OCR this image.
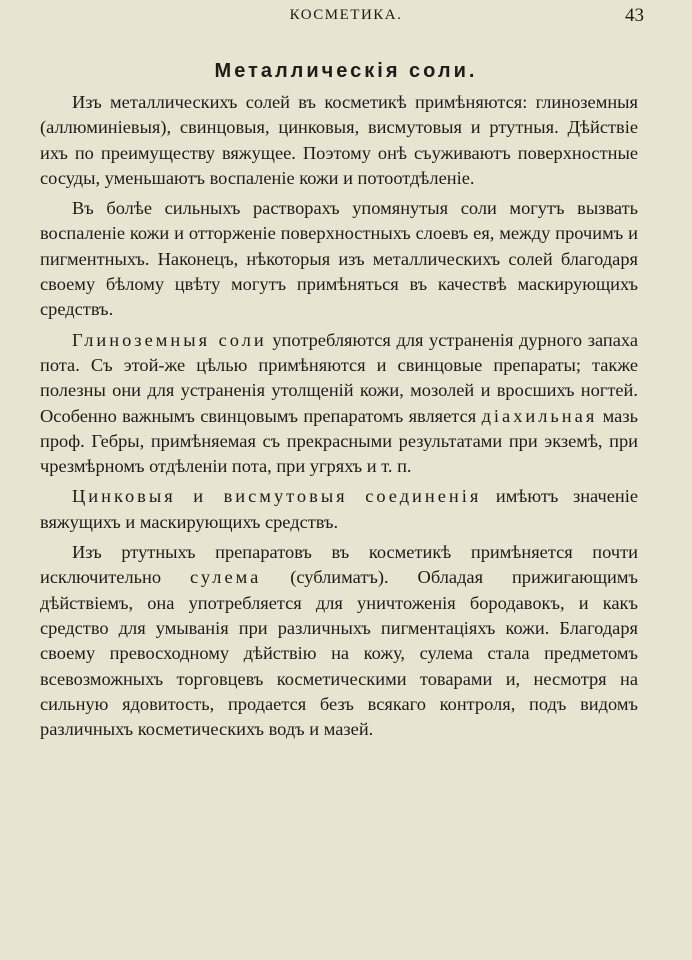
КОСМЕТИКА.	43
Металлическія соли.

Изъ металлическихъ солей въ косметикѣ примѣняются: глиноземныя (аллюминіевыя), свинцовыя, цинковыя, висмутовыя и ртутныя. Дѣйствіе ихъ по преимуществу вяжущее. Поэтому онѣ съуживаютъ поверхностные сосуды, уменьшаютъ воспаленіе кожи и потоотдѣленіе.

Въ болѣе сильныхъ растворахъ упомянутыя соли могутъ вызвать воспаленіе кожи и отторженіе поверхностныхъ слоевъ ея, между прочимъ и пигментныхъ. Наконецъ, нѣкоторыя изъ металлическихъ солей благодаря своему бѣлому цвѣту могутъ примѣняться въ качествѣ маскирующихъ средствъ.

Глиноземныя соли употребляются для устраненія дурного запаха пота. Съ этой-же цѣлью примѣняются и свинцовые препараты; также полезны они для устраненія утолщеній кожи, мозолей и вросшихъ ногтей. Особенно важнымъ свинцовымъ препаратомъ является діахильная мазь проф. Гебры, примѣняемая съ прекрасными результатами при экземѣ, при чрезмѣрномъ отдѣленіи пота, при угряхъ и т. п.

Цинковыя и висмутовыя соединенія имѣютъ значеніе вяжущихъ и маскирующихъ средствъ.

Изъ ртутныхъ препаратовъ въ косметикѣ примѣняется почти исключительно сулема (сублиматъ). Обладая прижигающимъ дѣйствіемъ, она употребляется для уничтоженія бородавокъ, и какъ средство для умыванія при различныхъ пигментаціяхъ кожи. Благодаря своему превосходному дѣйствію на кожу, сулема стала предметомъ всевозможныхъ торговцевъ косметическими товарами и, несмотря на сильную ядовитость, продается безъ всякаго контроля, подъ видомъ различныхъ косметическихъ водъ и мазей.
